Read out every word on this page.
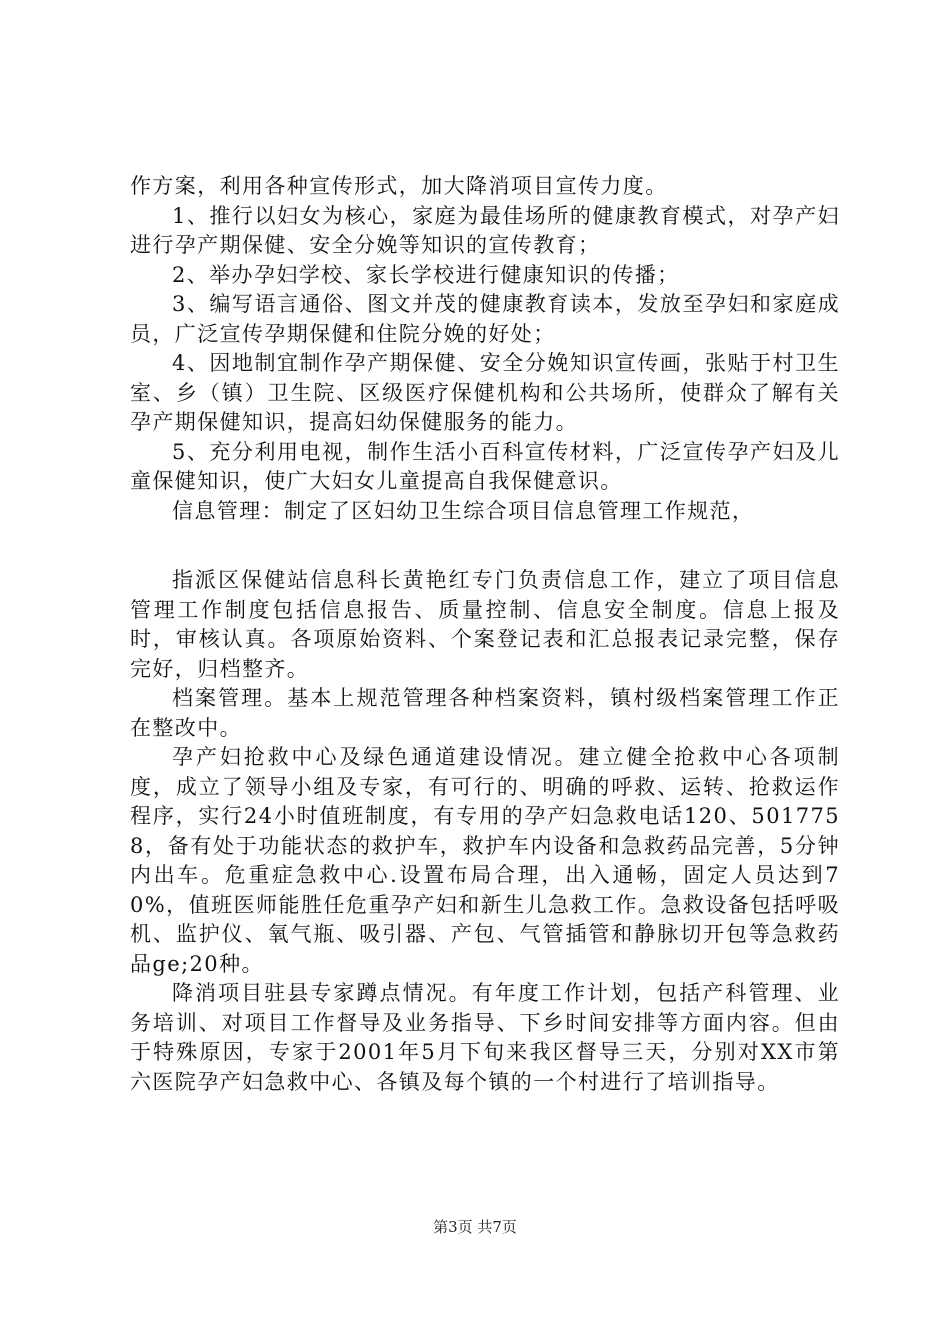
作方案，利用各种宣传形式，加大降消项目宣传力度。

1、推行以妇女为核心，家庭为最佳场所的健康教育模式，对孕产妇进行孕产期保健、安全分娩等知识的宣传教育；

2、举办孕妇学校、家长学校进行健康知识的传播；

3、编写语言通俗、图文并茂的健康教育读本，发放至孕妇和家庭成员，广泛宣传孕期保健和住院分娩的好处；

4、因地制宜制作孕产期保健、安全分娩知识宣传画，张贴于村卫生室、乡（镇）卫生院、区级医疗保健机构和公共场所，使群众了解有关孕产期保健知识，提高妇幼保健服务的能力。

5、充分利用电视，制作生活小百科宣传材料，广泛宣传孕产妇及儿童保健知识，使广大妇女儿童提高自我保健意识。

信息管理：制定了区妇幼卫生综合项目信息管理工作规范，

指派区保健站信息科长黄艳红专门负责信息工作，建立了项目信息管理工作制度包括信息报告、质量控制、信息安全制度。信息上报及时，审核认真。各项原始资料、个案登记表和汇总报表记录完整，保存完好，归档整齐。

档案管理。基本上规范管理各种档案资料，镇村级档案管理工作正在整改中。

孕产妇抢救中心及绿色通道建设情况。建立健全抢救中心各项制度，成立了领导小组及专家，有可行的、明确的呼救、运转、抢救运作程序，实行24小时值班制度，有专用的孕产妇急救电话120、5017758，备有处于功能状态的救护车，救护车内设备和急救药品完善，5分钟内出车。危重症急救中心.设置布局合理，出入通畅，固定人员达到70%，值班医师能胜任危重孕产妇和新生儿急救工作。急救设备包括呼吸机、监护仪、氧气瓶、吸引器、产包、气管插管和静脉切开包等急救药品ge;20种。

降消项目驻县专家蹲点情况。有年度工作计划，包括产科管理、业务培训、对项目工作督导及业务指导、下乡时间安排等方面内容。但由于特殊原因，专家于2001年5月下旬来我区督导三天，分别对XX市第六医院孕产妇急救中心、各镇及每个镇的一个村进行了培训指导。

第3页 共7页
